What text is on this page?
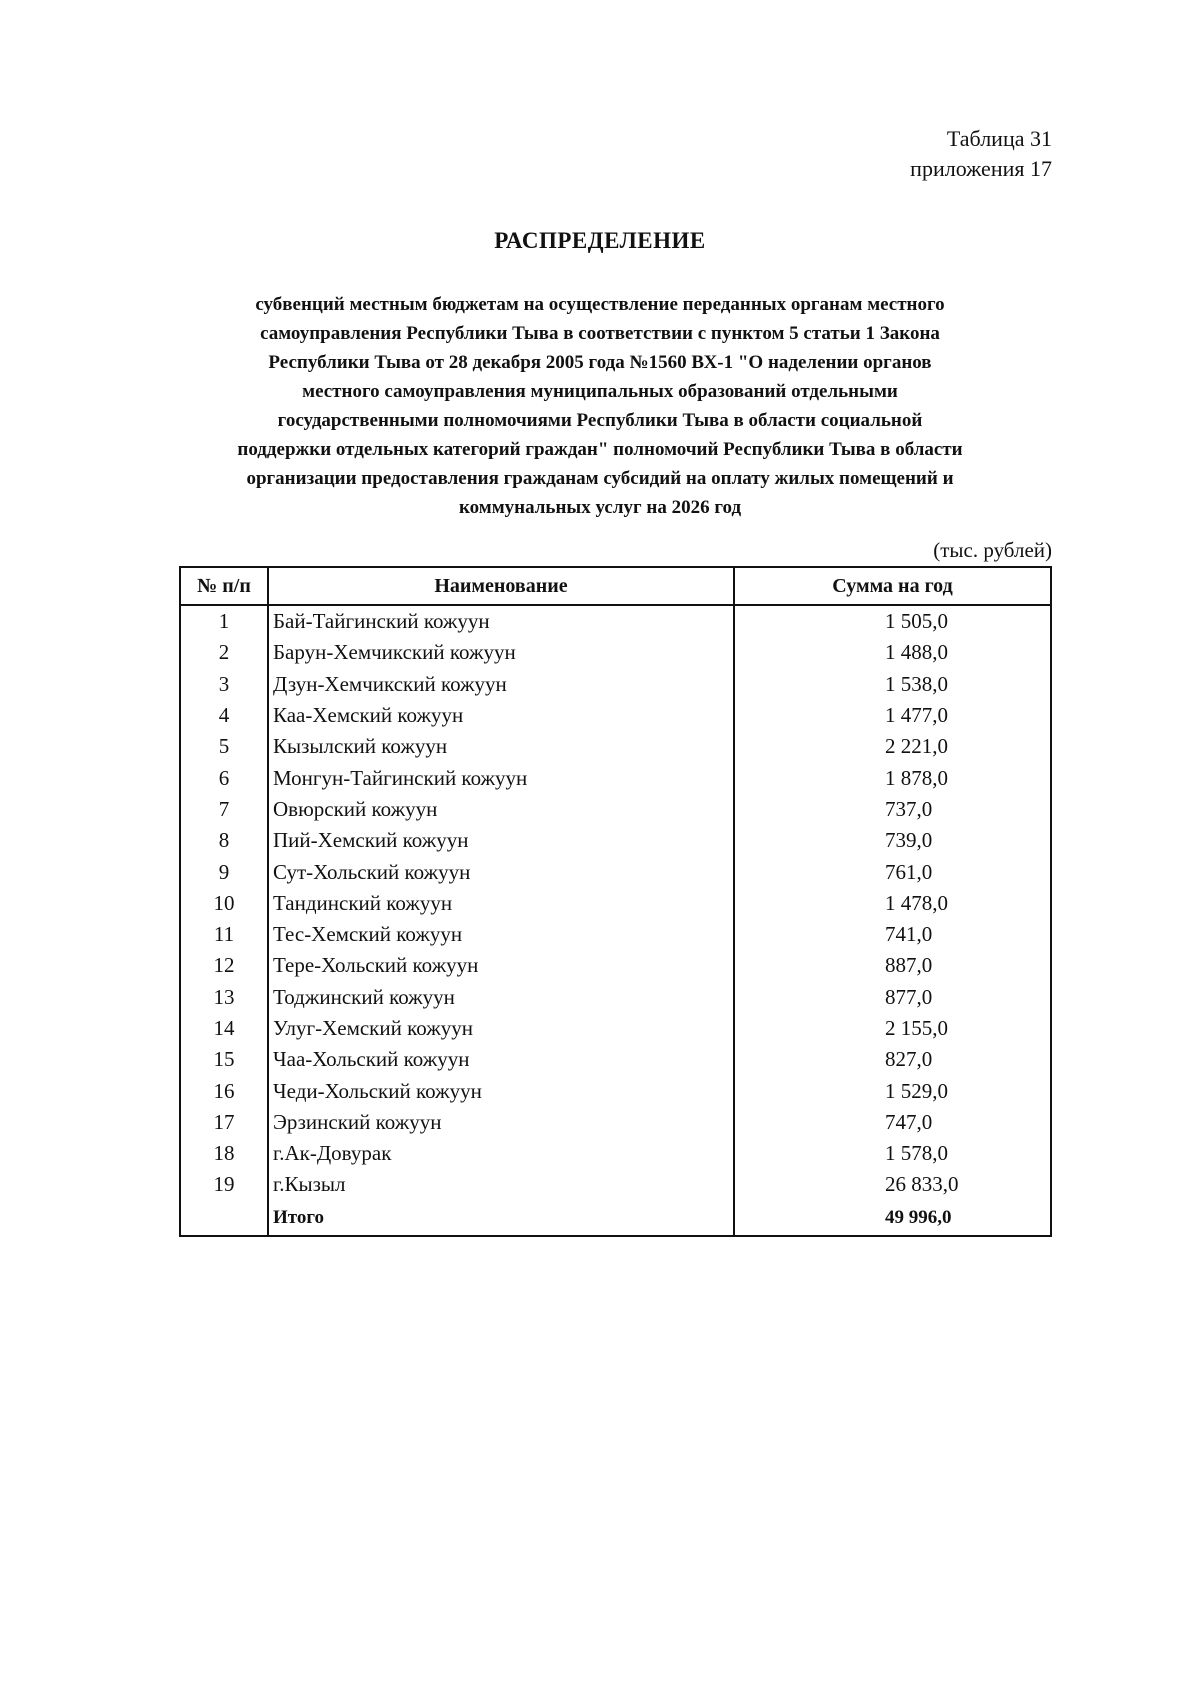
Таблица 31
приложения 17
РАСПРЕДЕЛЕНИЕ
субвенций местным бюджетам на осуществление переданных органам местного
самоуправления Республики Тыва в соответствии с пунктом 5 статьи 1 Закона
Республики Тыва от 28 декабря 2005 года №1560 ВХ-1 "О наделении органов
местного самоуправления муниципальных образований отдельными
государственными полномочиями Республики Тыва в области социальной
поддержки отдельных категорий граждан" полномочий Республики Тыва в области
организации предоставления гражданам субсидий на оплату жилых помещений и
коммунальных услуг на 2026 год
(тыс. рублей)
№ п/п	Наименование	Сумма на год
1	Бай-Тайгинский кожуун	1 505,0
2	Барун-Хемчикский кожуун	1 488,0
3	Дзун-Хемчикский кожуун	1 538,0
4	Каа-Хемский кожуун	1 477,0
5	Кызылский кожуун	2 221,0
6	Монгун-Тайгинский кожуун	1 878,0
7	Овюрский кожуун	737,0
8	Пий-Хемский кожуун	739,0
9	Сут-Хольский кожуун	761,0
10	Тандинский кожуун	1 478,0
11	Тес-Хемский кожуун	741,0
12	Тере-Хольский кожуун	887,0
13	Тоджинский кожуун	877,0
14	Улуг-Хемский кожуун	2 155,0
15	Чаа-Хольский кожуун	827,0
16	Чеди-Хольский кожуун	1 529,0
17	Эрзинский кожуун	747,0
18	г.Ак-Довурак	1 578,0
19	г.Кызыл	26 833,0
	Итого	49 996,0
